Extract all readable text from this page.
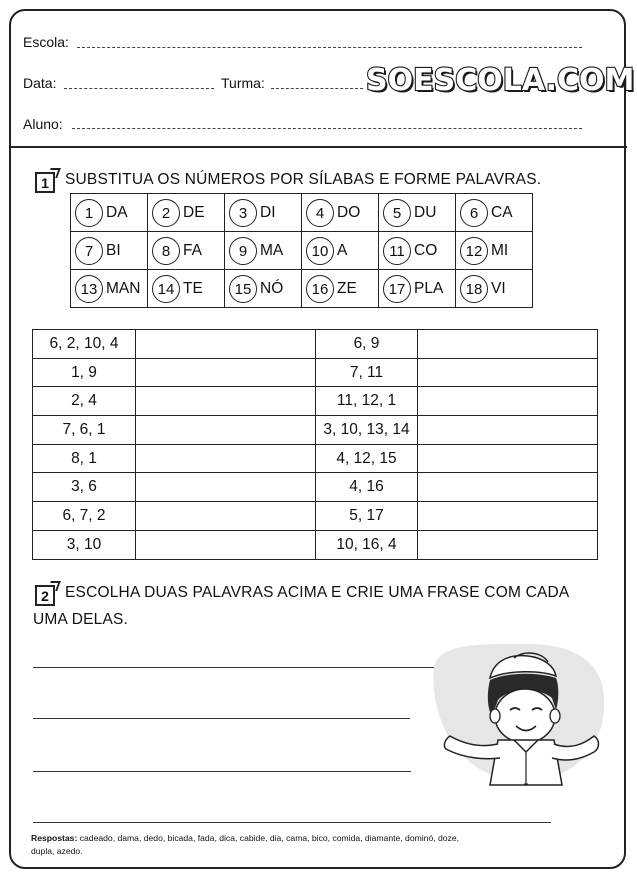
Escola:
Data:	Turma:	SOESCOLA.COM
Aluno:
1	SUBSTITUA OS NÚMEROS POR SÍLABAS E FORME PALAVRAS.
1 DA	2 DE	3 DI	4 DO	5 DU	6 CA
7 BI	8 FA	9 MA	10 A	11 CO	12 MI
13 MAN	14 TE	15 NÓ	16 ZE	17 PLA	18 VI
6, 2, 10, 4		6, 9	
1, 9		7, 11	
2, 4		11, 12, 1	
7, 6, 1		3, 10, 13, 14	
8, 1		4, 12, 15	
3, 6		4, 16	
6, 7, 2		5, 17	
3, 10		10, 16, 4	
2	ESCOLHA DUAS PALAVRAS ACIMA E CRIE UMA FRASE COM CADA
UMA DELAS.
Respostas: cadeado, dama, dedo, bicada, fada, dica, cabide, dia, cama, bico, comida, diamante, dominó, doze,
dupla, azedo.
